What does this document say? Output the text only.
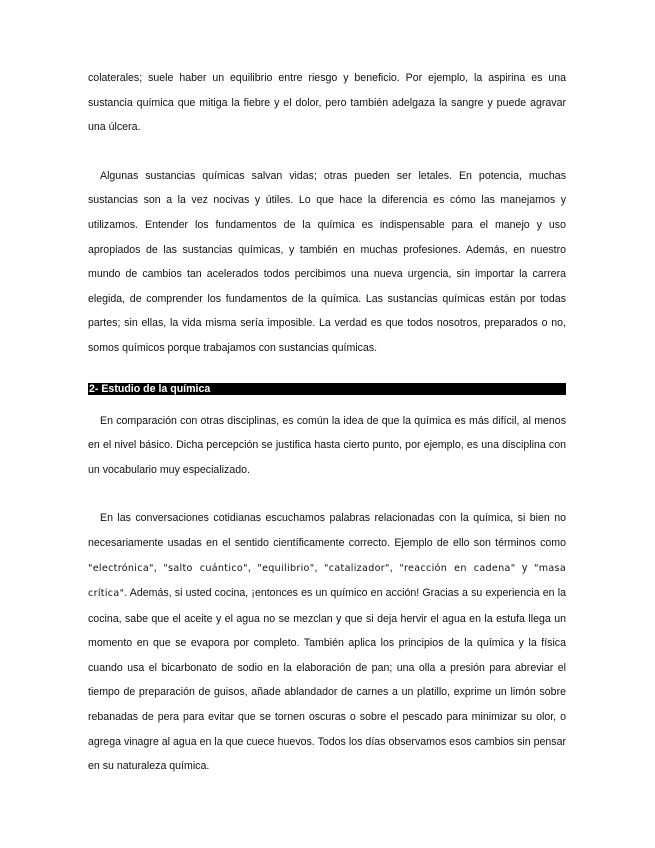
colaterales; suele haber un equilibrio entre riesgo y beneficio. Por ejemplo, la aspirina es una sustancia química que mitiga la fiebre y el dolor, pero también adelgaza la sangre y puede agravar una úlcera.

Algunas sustancias químicas salvan vidas; otras pueden ser letales. En potencia, muchas sustancias son a la vez nocivas y útiles. Lo que hace la diferencia es cómo las manejamos y utilizamos. Entender los fundamentos de la química es indispensable para el manejo y uso apropiados de las sustancias químicas, y también en muchas profesiones. Además, en nuestro mundo de cambios tan acelerados todos percibimos una nueva urgencia, sin importar la carrera elegida, de comprender los fundamentos de la química. Las sustancias químicas están por todas partes; sin ellas, la vida misma sería imposible. La verdad es que todos nosotros, preparados o no, somos químicos porque trabajamos con sustancias químicas.

2- Estudio de la química

En comparación con otras disciplinas, es común la idea de que la química es más difícil, al menos en el nivel básico. Dicha percepción se justifica hasta cierto punto, por ejemplo, es una disciplina con un vocabulario muy especializado.

En las conversaciones cotidianas escuchamos palabras relacionadas con la química, si bien no necesariamente usadas en el sentido científicamente correcto. Ejemplo de ello son términos como "electrónica", "salto cuántico", "equilibrio", "catalizador", "reacción en cadena" y "masa crítica". Además, si usted cocina, ¡entonces es un químico en acción! Gracias a su experiencia en la cocina, sabe que el aceite y el agua no se mezclan y que si deja hervir el agua en la estufa llega un momento en que se evapora por completo. También aplica los principios de la química y la física cuando usa el bicarbonato de sodio en la elaboración de pan; una olla a presión para abreviar el tiempo de preparación de guisos, añade ablandador de carnes a un platillo, exprime un limón sobre rebanadas de pera para evitar que se tornen oscuras o sobre el pescado para minimizar su olor, o agrega vinagre al agua en la que cuece huevos. Todos los días observamos esos cambios sin pensar en su naturaleza química.
